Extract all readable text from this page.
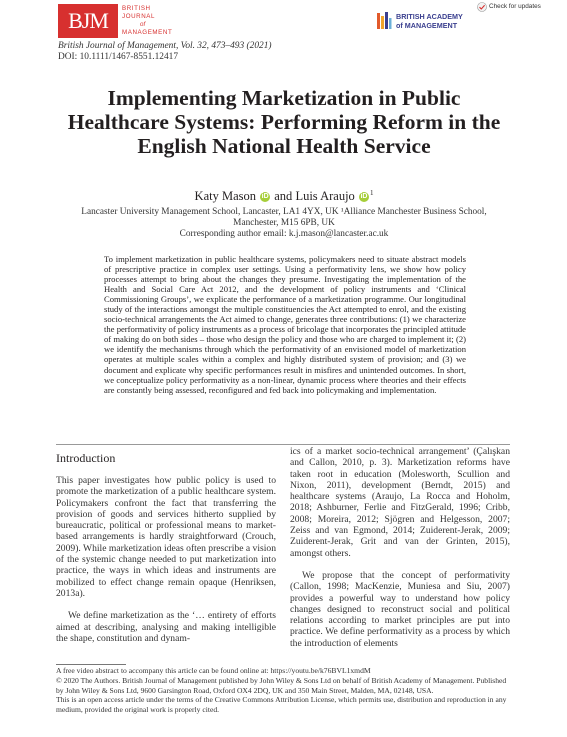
BJM	BRITISH
JOURNAL
of
MANAGEMENT
BRITISH ACADEMY
of MANAGEMENT
Check for updates
British Journal of Management, Vol. 32, 473–493 (2021)
DOI: 10.1111/1467-8551.12417
Implementing Marketization in Public Healthcare Systems: Performing Reform in the English National Health Service
Katy Mason iD and Luis Araujo iD $^1$
Lancaster University Management School, Lancaster, LA1 4YX, UK ¹Alliance Manchester Business School, Manchester, M15 6PB, UK
Corresponding author email: k.j.mason@lancaster.ac.uk
To implement marketization in public healthcare systems, policymakers need to situate abstract models of prescriptive practice in complex user settings. Using a performativity lens, we show how policy processes attempt to bring about the changes they presume. Investigating the implementation of the Health and Social Care Act 2012, and the development of policy instruments and ‘Clinical Commissioning Groups’, we explicate the performance of a marketization programme. Our longitudinal study of the interactions amongst the multiple constituencies the Act attempted to enrol, and the existing socio-technical arrangements the Act aimed to change, generates three contributions: (1) we characterize the performativity of policy instruments as a process of bricolage that incorporates the principled attitude of making do on both sides – those who design the policy and those who are charged to implement it; (2) we identify the mechanisms through which the performativity of an envisioned model of marketization operates at multiple scales within a complex and highly distributed system of provision; and (3) we document and explicate why specific performances result in misfires and unintended outcomes. In short, we conceptualize policy performativity as a non-linear, dynamic process where theories and their effects are constantly being assessed, reconfigured and fed back into policymaking and implementation.
Introduction

This paper investigates how public policy is used to promote the marketization of a public healthcare system. Policymakers confront the fact that transferring the provision of goods and services hitherto supplied by bureaucratic, political or professional means to market-based arrangements is hardly straightforward (Crouch, 2009). While marketization ideas often prescribe a vision of the systemic change needed to put marketization into practice, the ways in which ideas and instruments are mobilized to effect change remain opaque (Henriksen, 2013a).

We define marketization as the ‘… entirety of efforts aimed at describing, analysing and making intelligible the shape, constitution and dynam-

ics of a market socio-technical arrangement’ (Çalışkan and Callon, 2010, p. 3). Marketization reforms have taken root in education (Molesworth, Scullion and Nixon, 2011), development (Berndt, 2015) and healthcare systems (Araujo, La Rocca and Hoholm, 2018; Ashburner, Ferlie and FitzGerald, 1996; Cribb, 2008; Moreira, 2012; Sjögren and Helgesson, 2007; Zeiss and van Egmond, 2014; Zuiderent-Jerak, 2009; Zuiderent-Jerak, Grit and van der Grinten, 2015), amongst others.

We propose that the concept of performativity (Callon, 1998; MacKenzie, Muniesa and Siu, 2007) provides a powerful way to understand how policy changes designed to reconstruct social and political relations according to market principles are put into practice. We define performativity as a process by which the introduction of elements

A free video abstract to accompany this article can be found online at: https://youtu.be/k76BVL1xmdM

© 2020 The Authors. British Journal of Management published by John Wiley & Sons Ltd on behalf of British Academy of Management. Published by John Wiley & Sons Ltd, 9600 Garsington Road, Oxford OX4 2DQ, UK and 350 Main Street, Malden, MA, 02148, USA.

This is an open access article under the terms of the Creative Commons Attribution License, which permits use, distribution and reproduction in any medium, provided the original work is properly cited.
